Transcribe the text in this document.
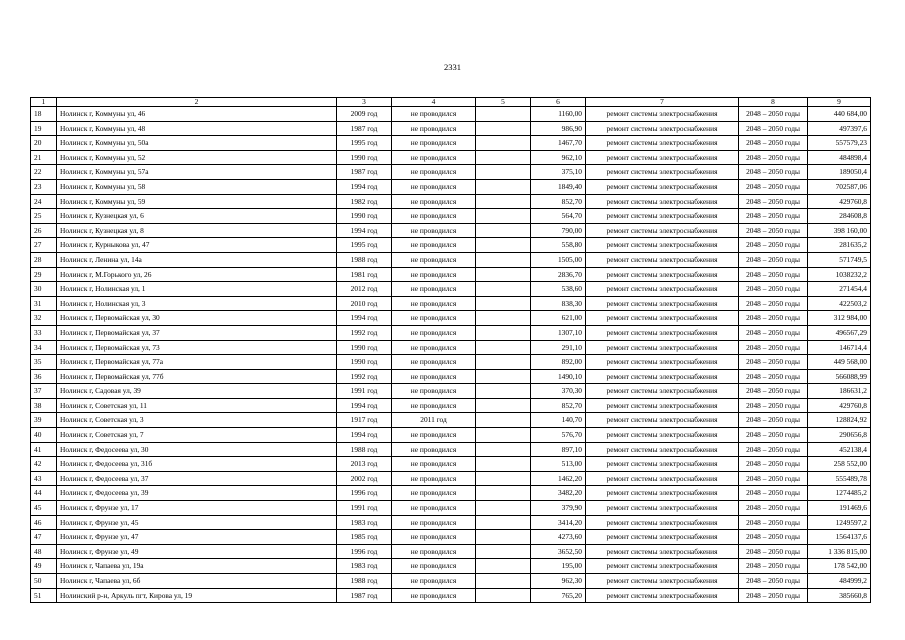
2331
1	2	3	4	5	6	7	8	9
18	Нолинск г, Коммуны ул, 46	2009 год	не проводился		1160,00	ремонт системы электроснабжения	2048 – 2050 годы	440 684,00
19	Нолинск г, Коммуны ул, 48	1987 год	не проводился		986,90	ремонт системы электроснабжения	2048 – 2050 годы	497397,6
20	Нолинск г, Коммуны ул, 50а	1995 год	не проводился		1467,70	ремонт системы электроснабжения	2048 – 2050 годы	557579,23
21	Нолинск г, Коммуны ул, 52	1990 год	не проводился		962,10	ремонт системы электроснабжения	2048 – 2050 годы	484898,4
22	Нолинск г, Коммуны ул, 57а	1987 год	не проводился		375,10	ремонт системы электроснабжения	2048 – 2050 годы	189050,4
23	Нолинск г, Коммуны ул, 58	1994 год	не проводился		1849,40	ремонт системы электроснабжения	2048 – 2050 годы	702587,06
24	Нолинск г, Коммуны ул, 59	1982 год	не проводился		852,70	ремонт системы электроснабжения	2048 – 2050 годы	429760,8
25	Нолинск г, Кузнецкая ул, 6	1990 год	не проводился		564,70	ремонт системы электроснабжения	2048 – 2050 годы	284608,8
26	Нолинск г, Кузнецкая ул, 8	1994 год	не проводился		790,00	ремонт системы электроснабжения	2048 – 2050 годы	398 160,00
27	Нолинск г, Курныкова ул, 47	1995 год	не проводился		558,80	ремонт системы электроснабжения	2048 – 2050 годы	281635,2
28	Нолинск г, Ленина ул, 14а	1988 год	не проводился		1505,00	ремонт системы электроснабжения	2048 – 2050 годы	571749,5
29	Нолинск г, М.Горького ул, 26	1981 год	не проводился		2836,70	ремонт системы электроснабжения	2048 – 2050 годы	1038232,2
30	Нолинск г, Нолинская ул, 1	2012 год	не проводился		538,60	ремонт системы электроснабжения	2048 – 2050 годы	271454,4
31	Нолинск г, Нолинская ул, 3	2010 год	не проводился		838,30	ремонт системы электроснабжения	2048 – 2050 годы	422503,2
32	Нолинск г, Первомайская ул, 30	1994 год	не проводился		621,00	ремонт системы электроснабжения	2048 – 2050 годы	312 984,00
33	Нолинск г, Первомайская ул, 37	1992 год	не проводился		1307,10	ремонт системы электроснабжения	2048 – 2050 годы	496567,29
34	Нолинск г, Первомайская ул, 73	1990 год	не проводился		291,10	ремонт системы электроснабжения	2048 – 2050 годы	146714,4
35	Нолинск г, Первомайская ул, 77а	1990 год	не проводился		892,00	ремонт системы электроснабжения	2048 – 2050 годы	449 568,00
36	Нолинск г, Первомайская ул, 77б	1992 год	не проводился		1490,10	ремонт системы электроснабжения	2048 – 2050 годы	566088,99
37	Нолинск г, Садовая ул, 39	1991 год	не проводился		370,30	ремонт системы электроснабжения	2048 – 2050 годы	186631,2
38	Нолинск г, Советская ул, 11	1994 год	не проводился		852,70	ремонт системы электроснабжения	2048 – 2050 годы	429760,8
39	Нолинск г, Советская ул, 3	1917 год	2011 год		140,70	ремонт системы электроснабжения	2048 – 2050 годы	128824,92
40	Нолинск г, Советская ул, 7	1994 год	не проводился		576,70	ремонт системы электроснабжения	2048 – 2050 годы	290656,8
41	Нолинск г, Федосеева ул, 30	1988 год	не проводился		897,10	ремонт системы электроснабжения	2048 – 2050 годы	452138,4
42	Нолинск г, Федосеева ул, 31б	2013 год	не проводился		513,00	ремонт системы электроснабжения	2048 – 2050 годы	258 552,00
43	Нолинск г, Федосеева ул, 37	2002 год	не проводился		1462,20	ремонт системы электроснабжения	2048 – 2050 годы	555489,78
44	Нолинск г, Федосеева ул, 39	1996 год	не проводился		3482,20	ремонт системы электроснабжения	2048 – 2050 годы	1274485,2
45	Нолинск г, Фрунзе ул, 17	1991 год	не проводился		379,90	ремонт системы электроснабжения	2048 – 2050 годы	191469,6
46	Нолинск г, Фрунзе ул, 45	1983 год	не проводился		3414,20	ремонт системы электроснабжения	2048 – 2050 годы	1249597,2
47	Нолинск г, Фрунзе ул, 47	1985 год	не проводился		4273,60	ремонт системы электроснабжения	2048 – 2050 годы	1564137,6
48	Нолинск г, Фрунзе ул, 49	1996 год	не проводился		3652,50	ремонт системы электроснабжения	2048 – 2050 годы	1 336 815,00
49	Нолинск г, Чапаева ул, 19а	1983 год	не проводился		195,00	ремонт системы электроснабжения	2048 – 2050 годы	178 542,00
50	Нолинск г, Чапаева ул, 6б	1988 год	не проводился		962,30	ремонт системы электроснабжения	2048 – 2050 годы	484999,2
51	Нолинский р-н, Аркуль пгт, Кирова ул, 19	1987 год	не проводился		765,20	ремонт системы электроснабжения	2048 – 2050 годы	385660,8
